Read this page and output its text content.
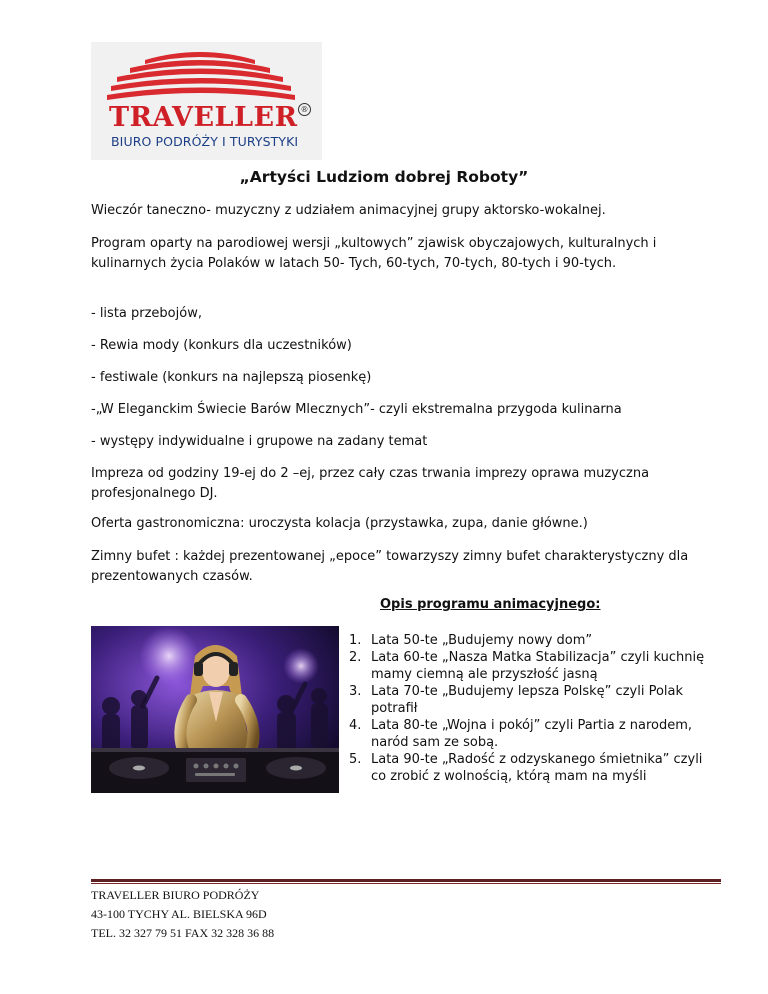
TRAVELLER ®
BIURO PODRÓŻY I TURYSTYKI
„Artyści Ludziom dobrej Roboty”

Wieczór taneczno- muzyczny z udziałem animacyjnej grupy aktorsko-wokalnej.

Program oparty na parodiowej wersji „kultowych” zjawisk obyczajowych, kulturalnych i kulinarnych życia Polaków w latach 50- Tych, 60-tych, 70-tych, 80-tych i 90-tych.

- lista przebojów,

- Rewia mody (konkurs dla uczestników)

- festiwale (konkurs na najlepszą piosenkę)

-„W Eleganckim Świecie Barów Mlecznych”- czyli ekstremalna przygoda kulinarna

- występy indywidualne i grupowe na zadany temat

Impreza od godziny 19-ej do 2 –ej, przez cały czas trwania imprezy oprawa muzyczna profesjonalnego DJ.

Oferta gastronomiczna: uroczysta kolacja (przystawka, zupa, danie główne.)

Zimny bufet : każdej prezentowanej „epoce” towarzyszy zimny bufet charakterystyczny dla prezentowanych czasów.

Opis programu animacyjnego:
1. Lata 50-te „Budujemy nowy dom”
2. Lata 60-te „Nasza Matka Stabilizacja” czyli kuchnię mamy ciemną ale przyszłość jasną
3. Lata 70-te „Budujemy lepsza Polskę” czyli Polak potrafił
4. Lata 80-te „Wojna i pokój” czyli Partia z narodem, naród sam ze sobą.
5. Lata 90-te „Radość z odzyskanego śmietnika” czyli co zrobić z wolnością, którą mam na myśli
TRAVELLER BIURO PODRÓŻY
43-100 TYCHY AL. BIELSKA 96D
TEL. 32 327 79 51 FAX 32 328 36 88
